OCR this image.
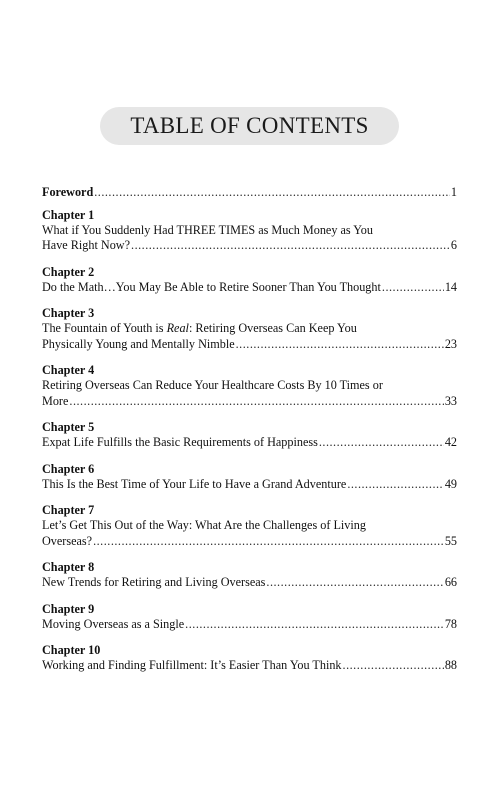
TABLE OF CONTENTS
Foreword .....	1
Chapter 1
What if You Suddenly Had THREE TIMES as Much Money as You
Have Right Now? .....	6
Chapter 2
Do the Math…You May Be Able to Retire Sooner Than You Thought .....	14
Chapter 3
The Fountain of Youth is Real: Retiring Overseas Can Keep You
Physically Young and Mentally Nimble .....	23
Chapter 4
Retiring Overseas Can Reduce Your Healthcare Costs By 10 Times or
More .....	33
Chapter 5
Expat Life Fulfills the Basic Requirements of Happiness .....	42
Chapter 6
This Is the Best Time of Your Life to Have a Grand Adventure .....	49
Chapter 7
Let’s Get This Out of the Way: What Are the Challenges of Living
Overseas? .....	55
Chapter 8
New Trends for Retiring and Living Overseas .....	66
Chapter 9
Moving Overseas as a Single .....	78
Chapter 10
Working and Finding Fulfillment: It’s Easier Than You Think .....	88
